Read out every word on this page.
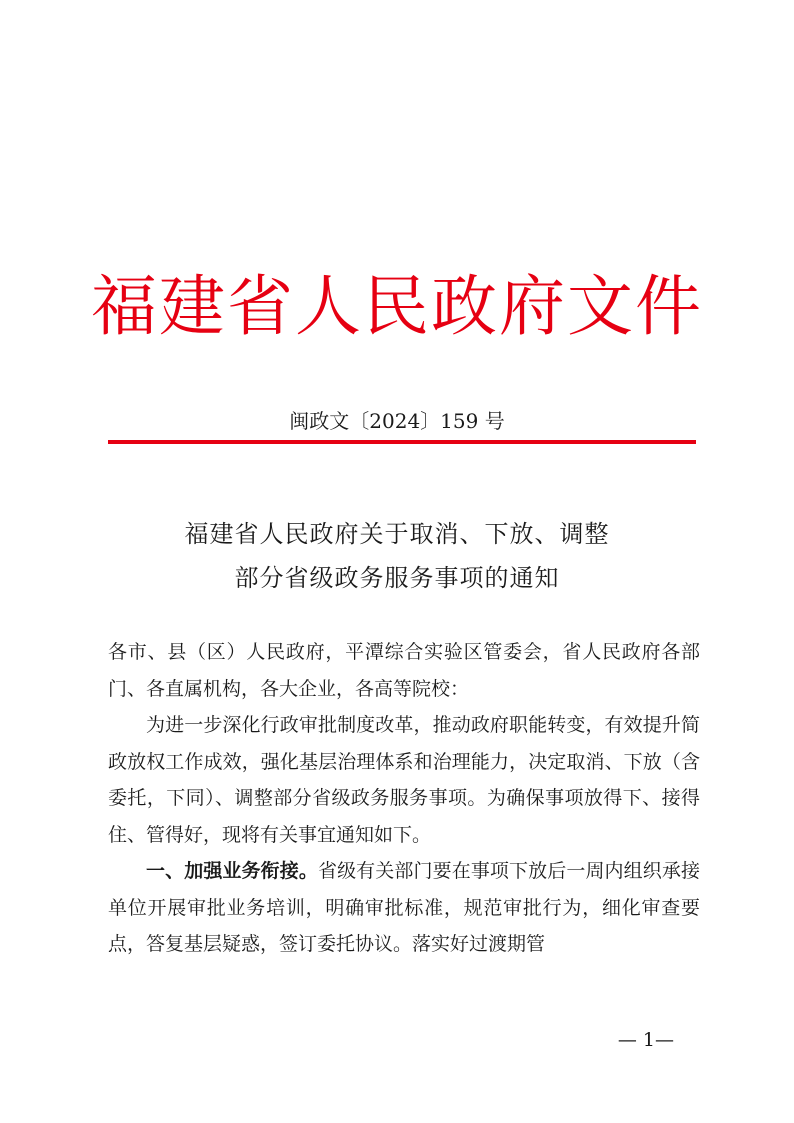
福建省人民政府文件
闽政文〔2024〕159 号
福建省人民政府关于取消、下放、调整
部分省级政务服务事项的通知

各市、县（区）人民政府，平潭综合实验区管委会，省人民政府各部门、各直属机构，各大企业，各高等院校：

为进一步深化行政审批制度改革，推动政府职能转变，有效提升简政放权工作成效，强化基层治理体系和治理能力，决定取消、下放（含委托，下同）、调整部分省级政务服务事项。为确保事项放得下、接得住、管得好，现将有关事宜通知如下。

一、加强业务衔接。省级有关部门要在事项下放后一周内组织承接单位开展审批业务培训，明确审批标准，规范审批行为，细化审查要点，答复基层疑惑，签订委托协议。落实好过渡期管

— 1—
